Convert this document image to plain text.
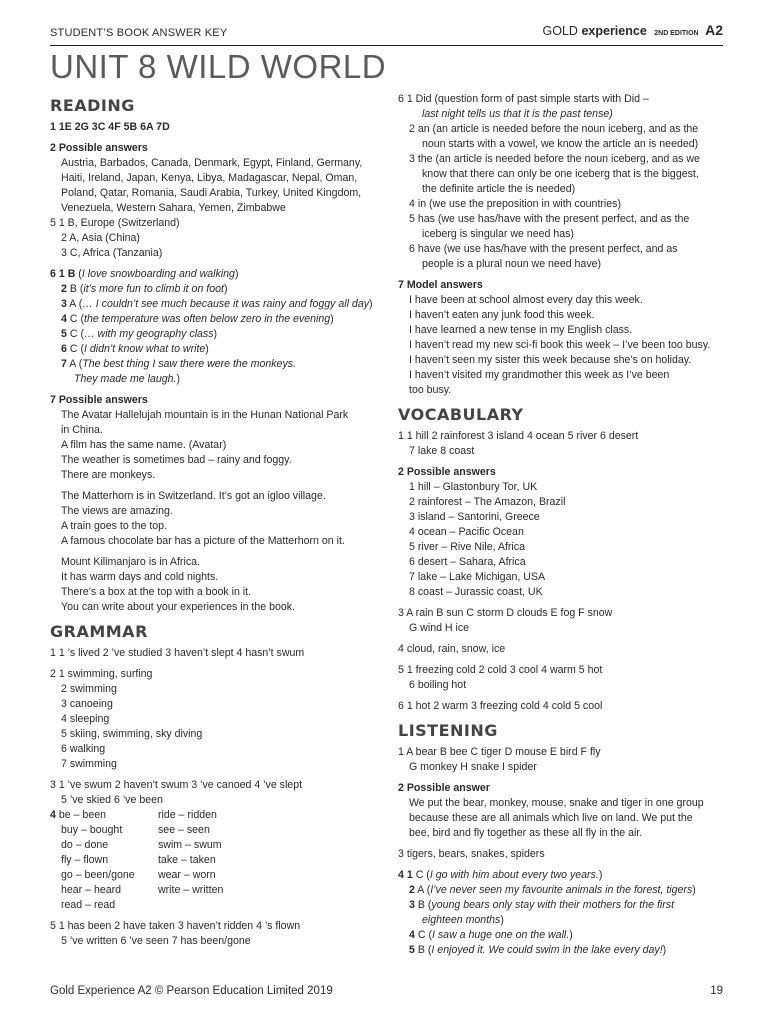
STUDENT’S BOOK ANSWER KEY	GOLD experience 2ND EDITION A2
UNIT 8 WILD WORLD
READING

1 1E 2G 3C 4F 5B 6A 7D

2 Possible answers

Austria, Barbados, Canada, Denmark, Egypt, Finland, Germany, Haiti, Ireland, Japan, Kenya, Libya, Madagascar, Nepal, Oman, Poland, Qatar, Romania, Saudi Arabia, Turkey, United Kingdom, Venezuela, Western Sahara, Yemen, Zimbabwe

5 1 B, Europe (Switzerland)

2 A, Asia (China)

3 C, Africa (Tanzania)

6 1 B (I love snowboarding and walking)

2 B (it’s more fun to climb it on foot)

3 A (… I couldn’t see much because it was rainy and foggy all day)

4 C (the temperature was often below zero in the evening)

5 C (… with my geography class)

6 C (I didn’t know what to write)

7 A (The best thing I saw there were the monkeys.

They made me laugh.)

7 Possible answers

The Avatar Hallelujah mountain is in the Hunan National Park

in China.

A film has the same name. (Avatar)

The weather is sometimes bad – rainy and foggy.

There are monkeys.

The Matterhorn is in Switzerland. It’s got an igloo village.

The views are amazing.

A train goes to the top.

A famous chocolate bar has a picture of the Matterhorn on it.

Mount Kilimanjaro is in Africa.

It has warm days and cold nights.

There’s a box at the top with a book in it.

You can write about your experiences in the book.

GRAMMAR

1 1 ’s lived 2 ’ve studied 3 haven’t slept 4 hasn’t swum

2 1 swimming, surfing

2 swimming

3 canoeing

4 sleeping

5 skiing, swimming, sky diving

6 walking

7 swimming

3 1 ’ve swum 2 haven’t swum 3 ’ve canoed 4 ’ve slept

5 ’ve skied 6 ’ve been

4 be – been	ride – ridden

buy – bought	see – seen

do – done	swim – swum

fly – flown	take – taken

go – been/gone	wear – worn

hear – heard	write – written

read – read

5 1 has been 2 have taken 3 haven’t ridden 4 ’s flown

5 ’ve written 6 ’ve seen 7 has been/gone

6 1 Did (question form of past simple starts with Did –

last night tells us that it is the past tense)

2 an (an article is needed before the noun iceberg, and as the

noun starts with a vowel, we know the article an is needed)

3 the (an article is needed before the noun iceberg, and as we

know that there can only be one iceberg that is the biggest,

the definite article the is needed)

4 in (we use the preposition in with countries)

5 has (we use has/have with the present perfect, and as the

iceberg is singular we need has)

6 have (we use has/have with the present perfect, and as

people is a plural noun we need have)

7 Model answers

I have been at school almost every day this week.

I haven’t eaten any junk food this week.

I have learned a new tense in my English class.

I haven’t read my new sci-fi book this week – I’ve been too busy.

I haven’t seen my sister this week because she’s on holiday.

I haven’t visited my grandmother this week as I’ve been

too busy.

VOCABULARY

1 1 hill 2 rainforest 3 island 4 ocean 5 river 6 desert

7 lake 8 coast

2 Possible answers

1 hill – Glastonbury Tor, UK

2 rainforest – The Amazon, Brazil

3 island – Santorini, Greece

4 ocean – Pacific Ocean

5 river – Rive Nile, Africa

6 desert – Sahara, Africa

7 lake – Lake Michigan, USA

8 coast – Jurassic coast, UK

3 A rain B sun C storm D clouds E fog F snow

G wind H ice

4 cloud, rain, snow, ice

5 1 freezing cold 2 cold 3 cool 4 warm 5 hot

6 boiling hot

6 1 hot 2 warm 3 freezing cold 4 cold 5 cool

LISTENING

1 A bear B bee C tiger D mouse E bird F fly

G monkey H snake I spider

2 Possible answer

We put the bear, monkey, mouse, snake and tiger in one group

because these are all animals which live on land. We put the

bee, bird and fly together as these all fly in the air.

3 tigers, bears, snakes, spiders

4 1 C (I go with him about every two years.)

2 A (I’ve never seen my favourite animals in the forest, tigers)

3 B (young bears only stay with their mothers for the first

eighteen months)

4 C (I saw a huge one on the wall.)

5 B (I enjoyed it. We could swim in the lake every day!)

Gold Experience A2 © Pearson Education Limited 2019	19
